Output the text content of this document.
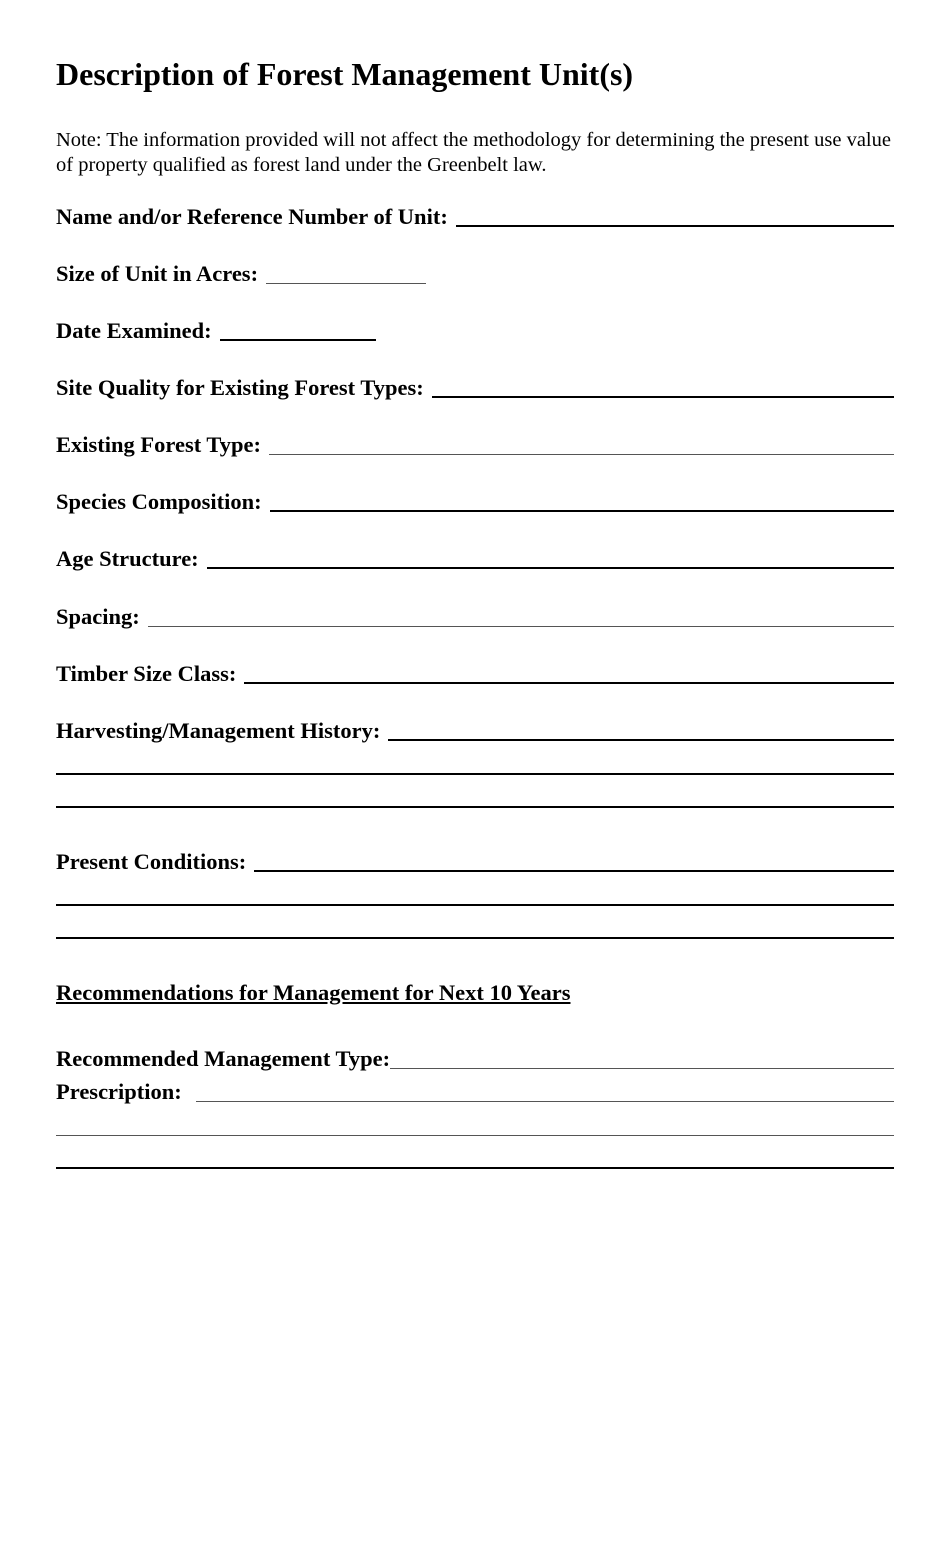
Description of Forest Management Unit(s)
Note: The information provided will not affect the methodology for determining the present use value of property qualified as forest land under the Greenbelt law.
Name and/or Reference Number of Unit:
Size of Unit in Acres:
Date Examined:
Site Quality for Existing Forest Types:
Existing Forest Type:
Species Composition:
Age Structure:
Spacing:
Timber Size Class:
Harvesting/Management History:
Present Conditions:
Recommendations for Management for Next 10 Years
Recommended Management Type:
Prescription:
